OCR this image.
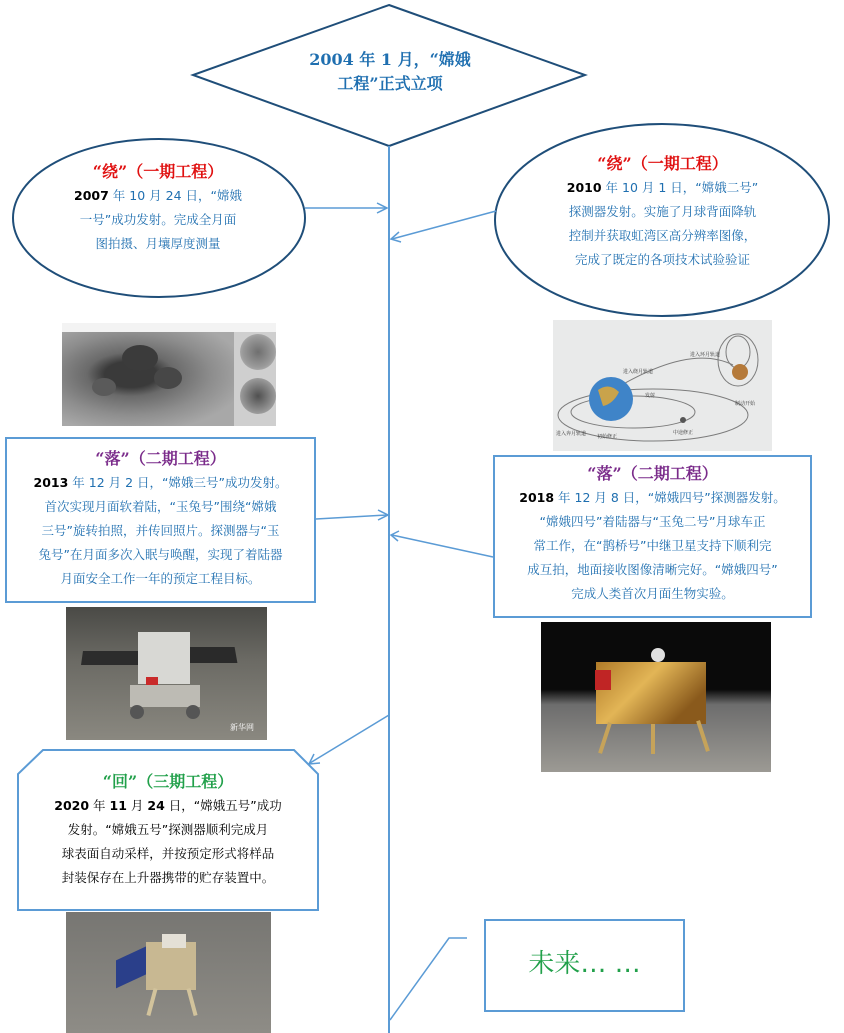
2004 年 1 月，“嫦娥
工程”正式立项
“绕”（一期工程）
2007 年 10 月 24 日，“嫦娥
一号”成功发射。完成全月面
图拍摄、月壤厚度测量
“绕”（一期工程）
2010 年 10 月 1 日，“嫦娥二号”
探测器发射。实施了月球背面降轨
控制并获取虹湾区高分辨率图像，
完成了既定的各项技术试验验证
进入环月轨道
进入绕月轨道
发射
制动开始
中途修正
初始修正
进入奔月轨道
“落”（二期工程）
2013 年 12 月 2 日，“嫦娥三号”成功发射。
首次实现月面软着陆，“玉兔号”围绕“嫦娥
三号”旋转拍照，并传回照片。探测器与“玉
兔号”在月面多次入眠与唤醒，实现了着陆器
月面安全工作一年的预定工程目标。
“落”（二期工程）
2018 年 12 月 8 日，“嫦娥四号”探测器发射。
“嫦娥四号”着陆器与“玉兔二号”月球车正
常工作，在“鹊桥号”中继卫星支持下顺利完
成互拍，地面接收图像清晰完好。“嫦娥四号”
完成人类首次月面生物实验。
新华网
“回”（三期工程）
2020 年 11 月 24 日，“嫦娥五号”成功
发射。“嫦娥五号”探测器顺利完成月
球表面自动采样，并按预定形式将样品
封装保存在上升器携带的贮存装置中。
未来… …
